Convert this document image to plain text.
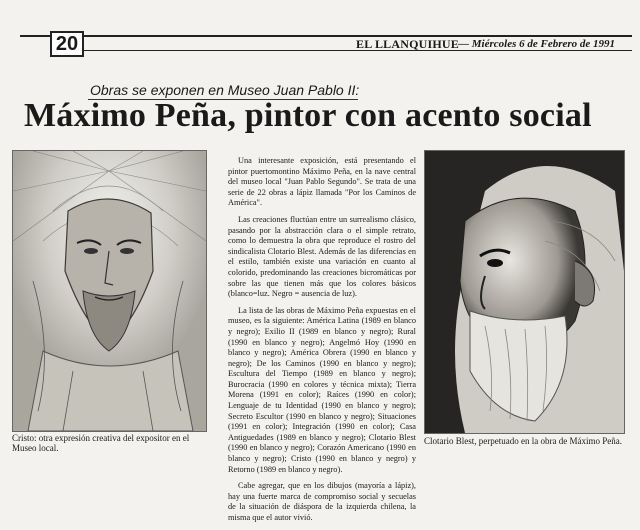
20	EL LLANQUIHUE — Miércoles 6 de Febrero de 1991
Obras se exponen en Museo Juan Pablo II:
Máximo Peña, pintor con acento social
Cristo: otra expresión creativa del expositor en el Museo local.
Clotario Blest, perpetuado en la obra de Máximo Peña.

Una interesante exposición, está presentando el pintor puertomontino Máximo Peña, en la nave central del museo local "Juan Pablo Segundo". Se trata de una serie de 22 obras a lápiz llamada "Por los Caminos de América".

Las creaciones fluctúan entre un surrealismo clásico, pasando por la abstracción clara o el simple retrato, como lo demuestra la obra que reproduce el rostro del sindicalista Clotario Blest. Además de las diferencias en el estilo, también existe una variación en cuanto al colorido, predominando las creaciones bicromáticas por sobre las que tienen más que los colores básicos (blanco=luz. Negro = ausencia de luz).

La lista de las obras de Máximo Peña expuestas en el museo, es la siguiente: América Latina (1989 en blanco y negro); Exilio II (1989 en blanco y negro); Rural (1990 en blanco y negro); Angelmó Hoy (1990 en blanco y negro); América Obrera (1990 en blanco y negro); De los Caminos (1990 en blanco y negro); Escultura del Tiempo (1989 en blanco y negro); Burocracia (1990 en colores y técnica mixta); Tierra Morena (1991 en color); Raíces (1990 en color); Lenguaje de tu Identidad (1990 en blanco y negro); Secreto Escultor (1990 en blanco y negro); Situaciones (1991 en color); Integración (1990 en color); Casa Antiguedades (1989 en blanco y negro); Clotario Blest (1990 en blanco y negro); Corazón Americano (1990 en blanco y negro); Cristo (1990 en blanco y negro) y Retorno (1989 en blanco y negro).

Cabe agregar, que en los dibujos (mayoría a lápiz), hay una fuerte marca de compromiso social y secuelas de la situación de diáspora de la izquierda chilena, la misma que el autor vivió.
